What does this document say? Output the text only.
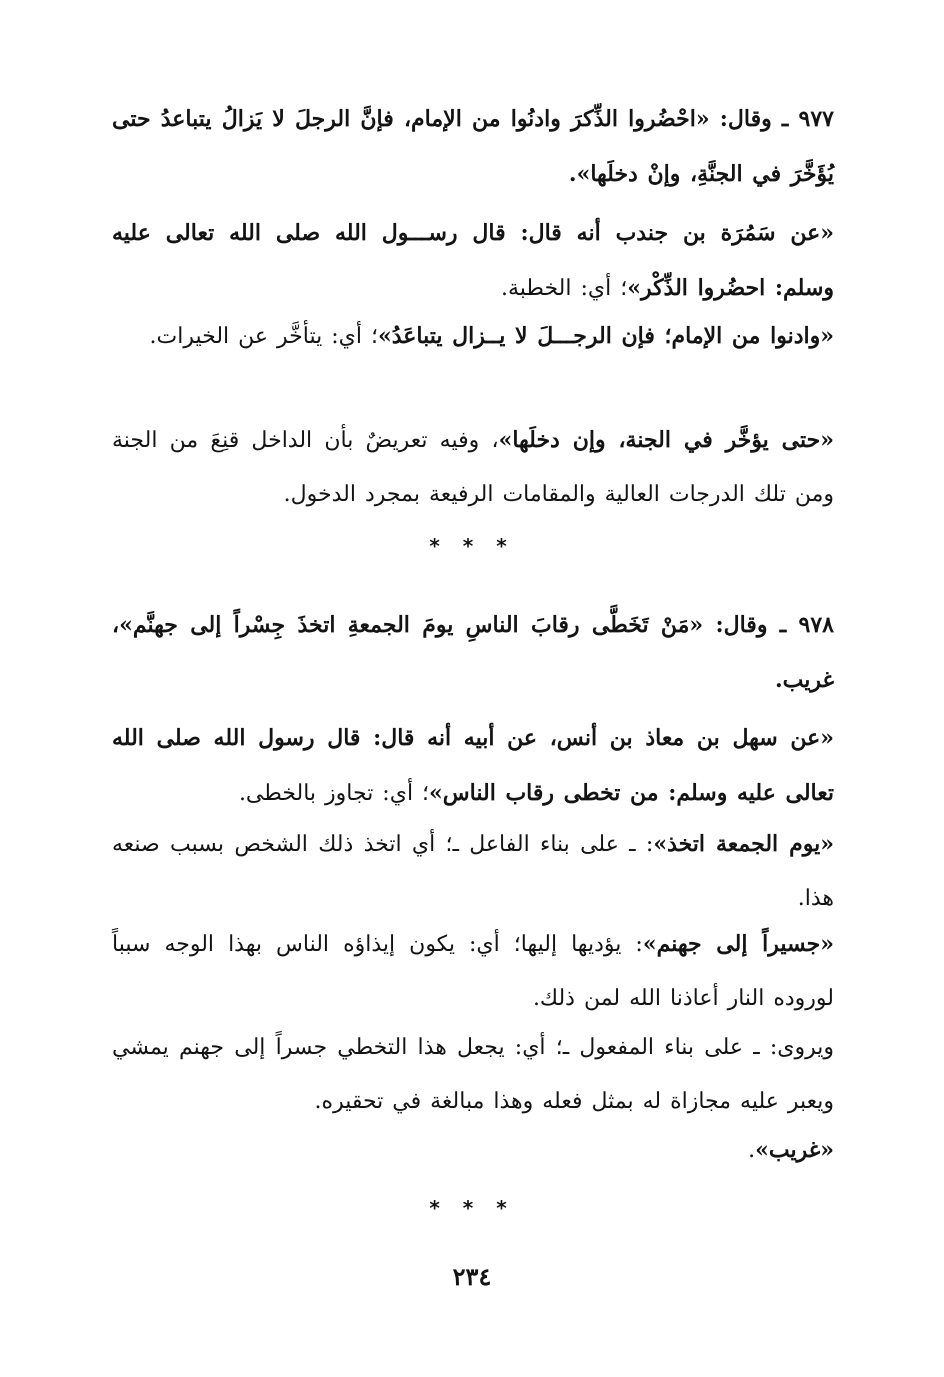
٩٧٧ ـ وقال: «احْضُروا الذِّكرَ وادنُوا من الإمام، فإنَّ الرجلَ لا يَزالُ يتباعدُ حتى يُؤَخَّرَ في الجنَّةِ، وإنْ دخلَها».

«عن سَمُرَة بن جندب أنه قال: قال رســـول الله صلى الله تعالى عليه وسلم: احضُروا الذِّكْر»؛ أي: الخطبة.

«وادنوا من الإمام؛ فإن الرجـــلَ لا يــزال يتباعَدُ»؛ أي: يتأخَّر عن الخيرات.

«حتى يؤخَّر في الجنة، وإن دخلَها»، وفيه تعريضٌ بأن الداخل قنِعَ من الجنة ومن تلك الدرجات العالية والمقامات الرفيعة بمجرد الدخول.

* * *

٩٧٨ ـ وقال: «مَنْ تَخَطَّى رقابَ الناسِ يومَ الجمعةِ اتخذَ جِسْراً إلى جهنَّم»، غريب.

«عن سهل بن معاذ بن أنس، عن أبيه أنه قال: قال رسول الله صلى الله تعالى عليه وسلم: من تخطى رقاب الناس»؛ أي: تجاوز بالخطى.

«يوم الجمعة اتخذ»: ـ على بناء الفاعل ـ؛ أي اتخذ ذلك الشخص بسبب صنعه هذا.

«جسيراً إلى جهنم»: يؤديها إليها؛ أي: يكون إيذاؤه الناس بهذا الوجه سبباً لوروده النار أعاذنا الله لمن ذلك.

ويروى: ـ على بناء المفعول ـ؛ أي: يجعل هذا التخطي جسراً إلى جهنم يمشي ويعبر عليه مجازاة له بمثل فعله وهذا مبالغة في تحقيره.

«غريب».

* * *
٢٣٤
